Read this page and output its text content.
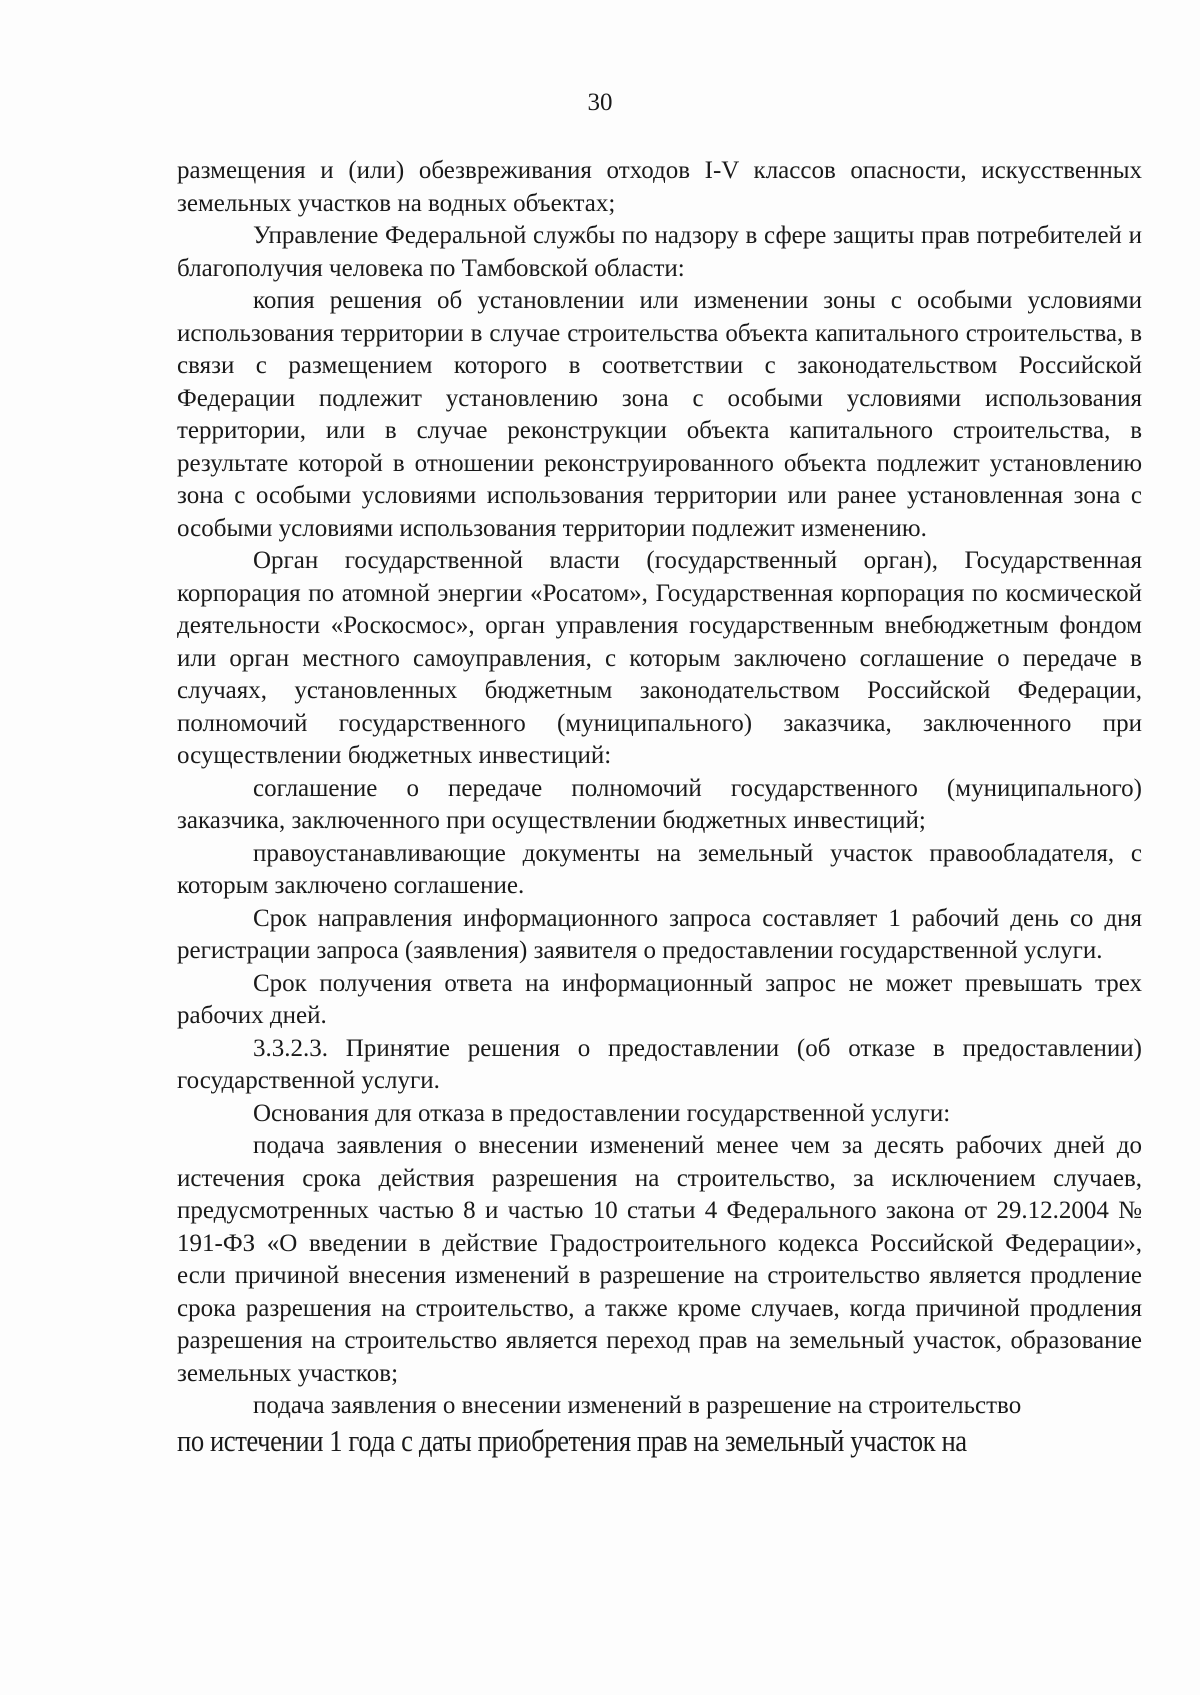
30

размещения и (или) обезвреживания отходов I-V классов опасности, искусственных земельных участков на водных объектах;

Управление Федеральной службы по надзору в сфере защиты прав потребителей и благополучия человека по Тамбовской области:

копия решения об установлении или изменении зоны с особыми условиями использования территории в случае строительства объекта капитального строительства, в связи с размещением которого в соответствии с законодательством Российской Федерации подлежит установлению зона с особыми условиями использования территории, или в случае реконструкции объекта капитального строительства, в результате которой в отношении реконструированного объекта подлежит установлению зона с особыми условиями использования территории или ранее установленная зона с особыми условиями использования территории подлежит изменению.

Орган государственной власти (государственный орган), Государственная корпорация по атомной энергии «Росатом», Государственная корпорация по космической деятельности «Роскосмос», орган управления государственным внебюджетным фондом или орган местного самоуправления, с которым заключено соглашение о передаче в случаях, установленных бюджетным законодательством Российской Федерации, полномочий государственного (муниципального) заказчика, заключенного при осуществлении бюджетных инвестиций:

соглашение о передаче полномочий государственного (муниципального) заказчика, заключенного при осуществлении бюджетных инвестиций;

правоустанавливающие документы на земельный участок правообладателя, с которым заключено соглашение.

Срок направления информационного запроса составляет 1 рабочий день со дня регистрации запроса (заявления) заявителя о предоставлении государственной услуги.

Срок получения ответа на информационный запрос не может превышать трех рабочих дней.

3.3.2.3. Принятие решения о предоставлении (об отказе в предоставлении) государственной услуги.

Основания для отказа в предоставлении государственной услуги:

подача заявления о внесении изменений менее чем за десять рабочих дней до истечения срока действия разрешения на строительство, за исключением случаев, предусмотренных частью 8 и частью 10 статьи 4 Федерального закона от 29.12.2004 № 191-ФЗ «О введении в действие Градостроительного кодекса Российской Федерации», если причиной внесения изменений в разрешение на строительство является продление срока разрешения на строительство, а также кроме случаев, когда причиной продления разрешения на строительство является переход прав на земельный участок, образование земельных участков;

подача заявления о внесении изменений в разрешение на строительство

по истечении 1 года с даты приобретения прав на земельный участок на
